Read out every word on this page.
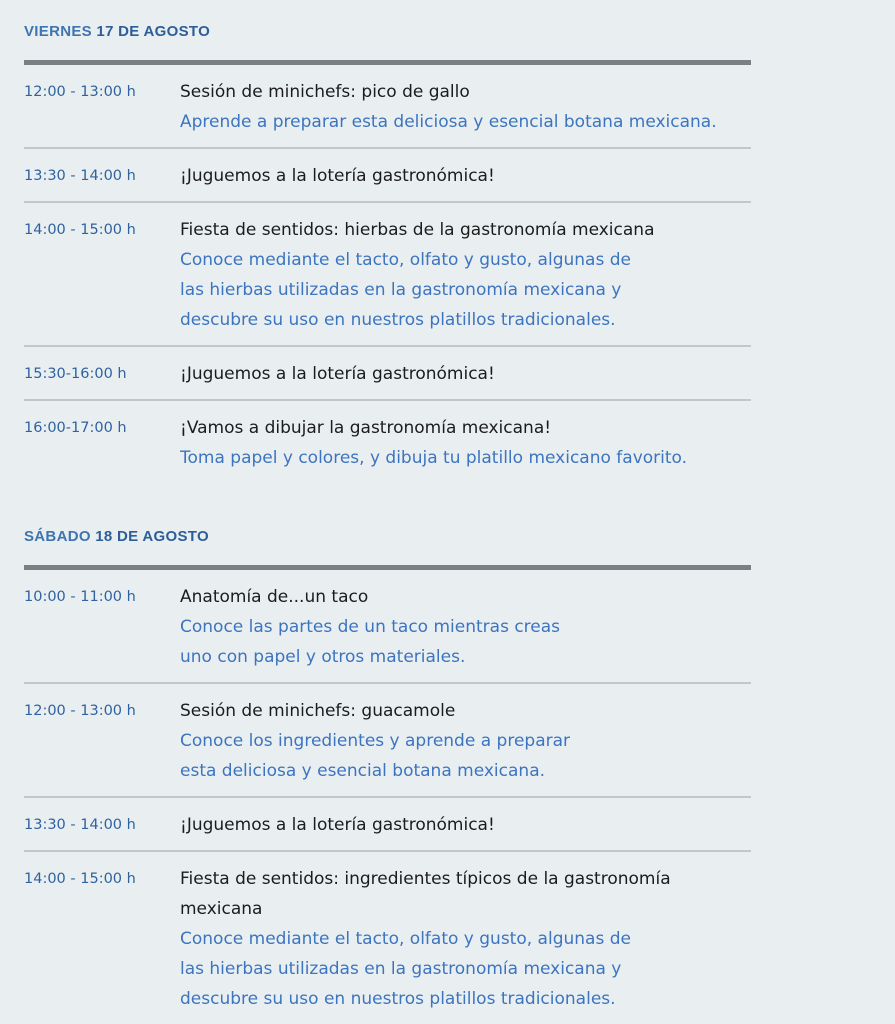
VIERNES 17 DE AGOSTO
12:00 - 13:00 h	Sesión de minichefs: pico de gallo

Aprende a preparar esta deliciosa y esencial botana mexicana.

13:30 - 14:00 h	¡Juguemos a la lotería gastronómica!

14:00 - 15:00 h	Fiesta de sentidos: hierbas de la gastronomía mexicana

Conoce mediante el tacto, olfato y gusto, algunas de

las hierbas utilizadas en la gastronomía mexicana y

descubre su uso en nuestros platillos tradicionales.

15:30-16:00 h	¡Juguemos a la lotería gastronómica!

16:00-17:00 h	¡Vamos a dibujar la gastronomía mexicana!

Toma papel y colores, y dibuja tu platillo mexicano favorito.

SÁBADO 18 DE AGOSTO
10:00 - 11:00 h	Anatomía de...un taco

Conoce las partes de un taco mientras creas

uno con papel y otros materiales.

12:00 - 13:00 h	Sesión de minichefs: guacamole

Conoce los ingredientes y aprende a preparar

esta deliciosa y esencial botana mexicana.

13:30 - 14:00 h	¡Juguemos a la lotería gastronómica!

14:00 - 15:00 h	Fiesta de sentidos: ingredientes típicos de la gastronomía

mexicana

Conoce mediante el tacto, olfato y gusto, algunas de

las hierbas utilizadas en la gastronomía mexicana y

descubre su uso en nuestros platillos tradicionales.
